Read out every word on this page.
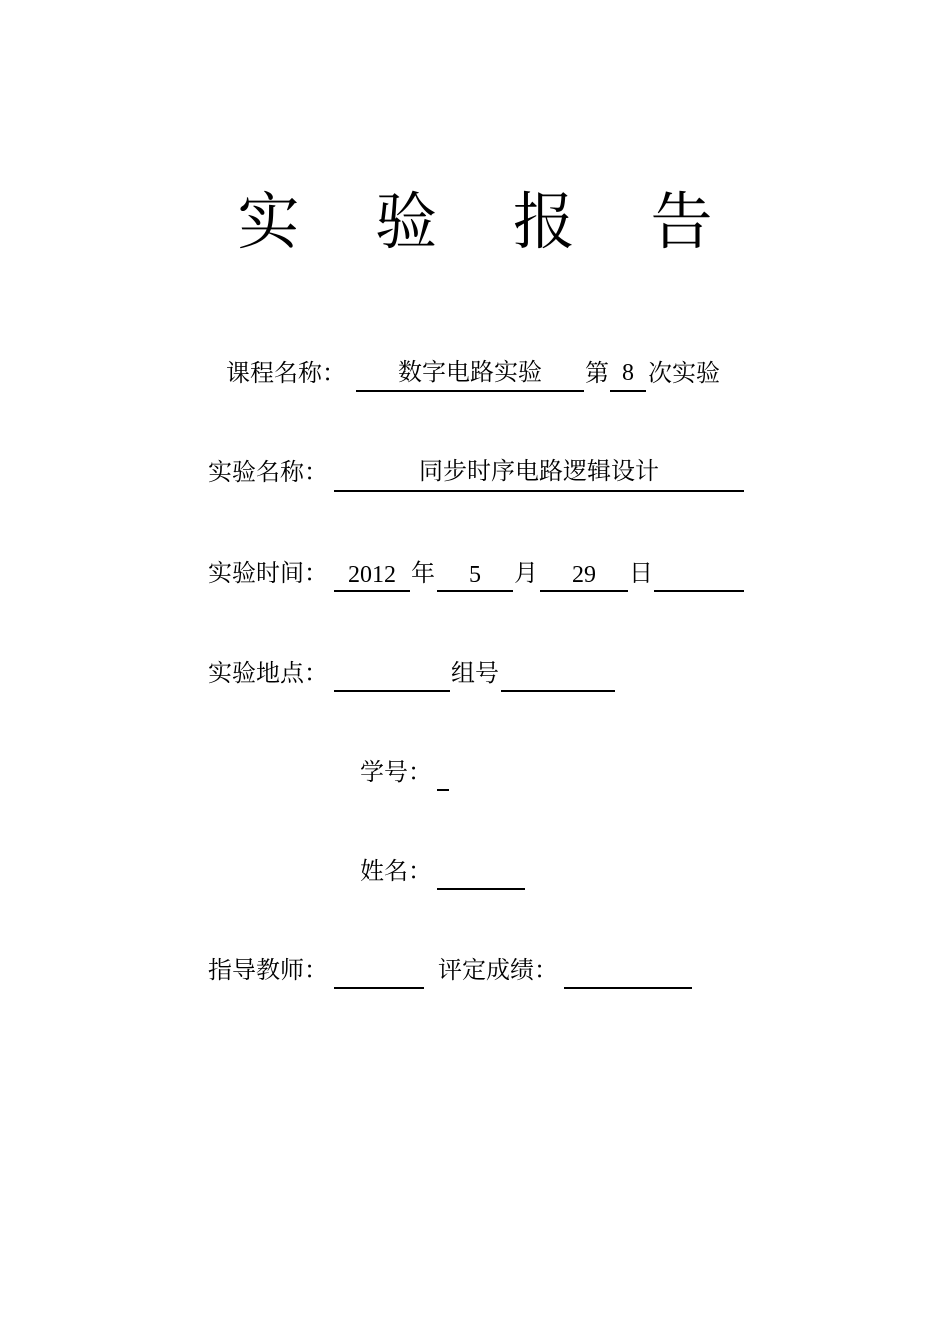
实 验 报 告
课程名称：	数字电路实验	第 8 次实验
实验名称：	同步时序电路逻辑设计
实验时间： 2012 年	5	月	29	日
实验地点：	组号
学号：
姓名：
指导教师：	评定成绩：
